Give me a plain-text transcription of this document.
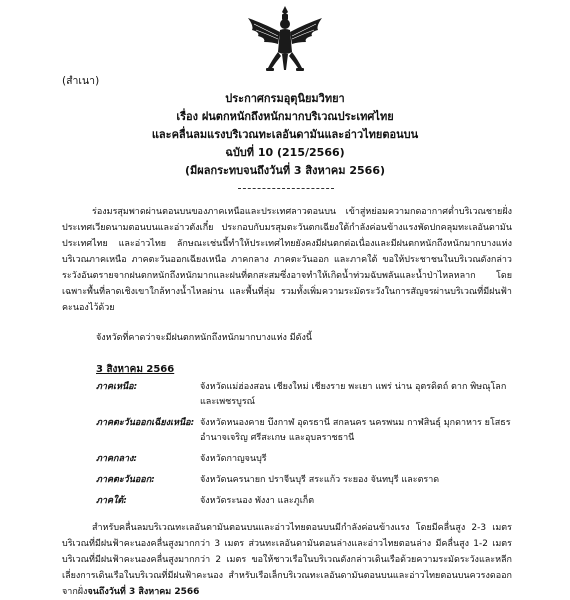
(สำเนา)
ประกาศกรมอุตุนิยมวิทยา
เรื่อง ฝนตกหนักถึงหนักมากบริเวณประเทศไทย
และคลื่นลมแรงบริเวณทะเลอันดามันและอ่าวไทยตอนบน
ฉบับที่ 10 (215/2566)
(มีผลกระทบจนถึงวันที่ 3 สิงหาคม 2566)
ร่องมรสุมพาดผ่านตอนบนของภาคเหนือและประเทศลาวตอนบน เข้าสู่หย่อมความกดอากาศต่ำบริเวณชายฝั่งประเทศเวียดนามตอนบนและอ่าวตังเกี๋ย ประกอบกับมรสุมตะวันตกเฉียงใต้กำลังค่อนข้างแรงพัดปกคลุมทะเลอันดามัน ประเทศไทย และอ่าวไทย ลักษณะเช่นนี้ทำให้ประเทศไทยยังคงมีฝนตกต่อเนื่องและมีฝนตกหนักถึงหนักมากบางแห่งบริเวณภาคเหนือ ภาคตะวันออกเฉียงเหนือ ภาคกลาง ภาคตะวันออก และภาคใต้ ขอให้ประชาชนในบริเวณดังกล่าวระวังอันตรายจากฝนตกหนักถึงหนักมากและฝนที่ตกสะสมซึ่งอาจทำให้เกิดน้ำท่วมฉับพลันและน้ำป่าไหลหลาก โดยเฉพาะพื้นที่ลาดเชิงเขาใกล้ทางน้ำไหลผ่าน และพื้นที่ลุ่ม รวมทั้งเพิ่มความระมัดระวังในการสัญจรผ่านบริเวณที่มีฝนฟ้าคะนองไว้ด้วย
จังหวัดที่คาดว่าจะมีฝนตกหนักถึงหนักมากบางแห่ง มีดังนี้
3 สิงหาคม 2566
ภาคเหนือ:	จังหวัดแม่ฮ่องสอน เชียงใหม่ เชียงราย พะเยา แพร่ น่าน อุตรดิตถ์ ตาก พิษณุโลก และเพชรบูรณ์
ภาคตะวันออกเฉียงเหนือ: จังหวัดหนองคาย บึงกาฬ อุดรธานี สกลนคร นครพนม กาฬสินธุ์ มุกดาหาร ยโสธร อำนาจเจริญ ศรีสะเกษ และอุบลราชธานี
ภาคกลาง:	จังหวัดกาญจนบุรี
ภาคตะวันออก:	จังหวัดนครนายก ปราจีนบุรี สระแก้ว ระยอง จันทบุรี และตราด
ภาคใต้:	จังหวัดระนอง พังงา และภูเก็ต
สำหรับคลื่นลมบริเวณทะเลอันดามันตอนบนและอ่าวไทยตอนบนมีกำลังค่อนข้างแรง โดยมีคลื่นสูง 2-3 เมตร บริเวณที่มีฝนฟ้าคะนองคลื่นสูงมากกว่า 3 เมตร ส่วนทะเลอันดามันตอนล่างและอ่าวไทยตอนล่าง มีคลื่นสูง 1-2 เมตร บริเวณที่มีฝนฟ้าคะนองคลื่นสูงมากกว่า 2 เมตร ขอให้ชาวเรือในบริเวณดังกล่าวเดินเรือด้วยความระมัดระวังและหลีกเลี่ยงการเดินเรือในบริเวณที่มีฝนฟ้าคะนอง สำหรับเรือเล็กบริเวณทะเลอันดามันตอนบนและอ่าวไทยตอนบนควรงดออกจากฝั่งจนถึงวันที่ 3 สิงหาคม 2566
